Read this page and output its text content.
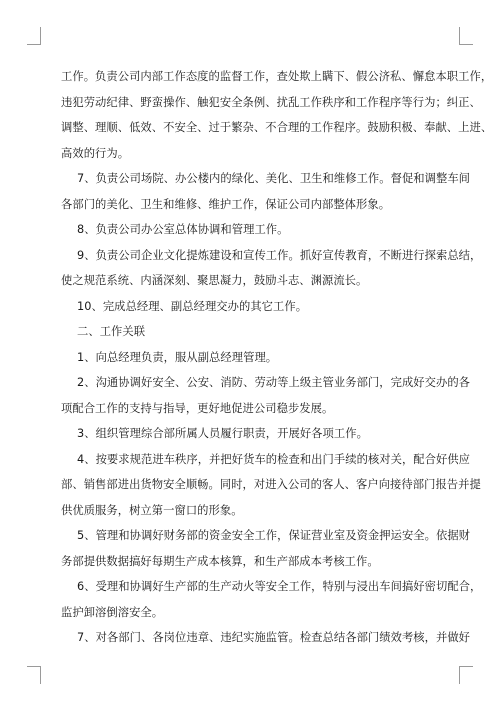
工作。负责公司内部工作态度的监督工作，查处欺上瞒下、假公济私、懈怠本职工作，
违犯劳动纪律、野蛮操作、触犯安全条例、扰乱工作秩序和工作程序等行为；纠正、
调整、理顺、低效、不安全、过于繁杂、不合理的工作程序。鼓励积极、奉献、上进、
高效的行为。
7、负责公司场院、办公楼内的绿化、美化、卫生和维修工作。督促和调整车间
各部门的美化、卫生和维修、维护工作，保证公司内部整体形象。
8、负责公司办公室总体协调和管理工作。
9、负责公司企业文化提炼建设和宣传工作。抓好宣传教育，不断进行探索总结，
使之规范系统、内涵深刻、聚思凝力，鼓励斗志、渊源流长。
10、完成总经理、副总经理交办的其它工作。
二、工作关联
1、向总经理负责，服从副总经理管理。
2、沟通协调好安全、公安、消防、劳动等上级主管业务部门，完成好交办的各
项配合工作的支持与指导，更好地促进公司稳步发展。
3、组织管理综合部所属人员履行职责，开展好各项工作。
4、按要求规范进车秩序，并把好货车的检查和出门手续的核对关，配合好供应
部、销售部进出货物安全顺畅。同时，对进入公司的客人、客户向接待部门报告并提
供优质服务，树立第一窗口的形象。
5、管理和协调好财务部的资金安全工作，保证营业室及资金押运安全。依据财
务部提供数据搞好每期生产成本核算，和生产部成本考核工作。
6、受理和协调好生产部的生产动火等安全工作，特别与浸出车间搞好密切配合，
监护卸溶倒溶安全。
7、对各部门、各岗位违章、违纪实施监管。检查总结各部门绩效考核，并做好
